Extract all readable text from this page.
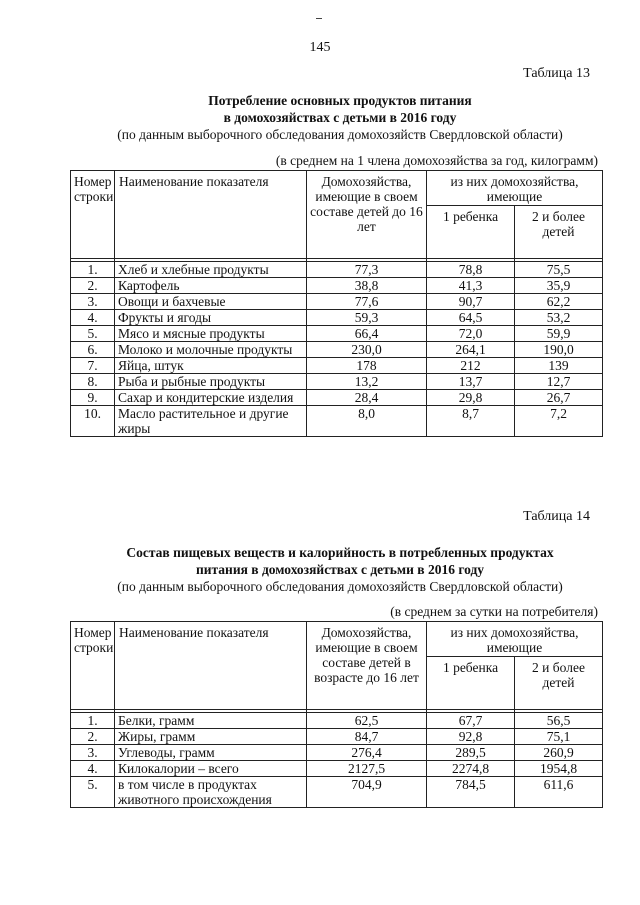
145
Таблица 13
Потребление основных продуктов питания
в домохозяйствах с детьми в 2016 году
(по данным выборочного обследования домохозяйств Свердловской области)
(в среднем на 1 члена домохозяйства за год, килограмм)
Номер строки	Наименование показателя	Домохозяйства, имеющие в своем составе детей до 16 лет	из них домохозяйства, имеющие	
			1 ребенка	2 и более детей

1.	Хлеб и хлебные продукты	77,3	78,8	75,5
2.	Картофель	38,8	41,3	35,9
3.	Овощи и бахчевые	77,6	90,7	62,2
4.	Фрукты и ягоды	59,3	64,5	53,2
5.	Мясо и мясные продукты	66,4	72,0	59,9
6.	Молоко и молочные продукты	230,0	264,1	190,0
7.	Яйца, штук	178	212	139
8.	Рыба и рыбные продукты	13,2	13,7	12,7
9.	Сахар и кондитерские изделия	28,4	29,8	26,7
10.	Масло растительное и другие жиры	8,0	8,7	7,2
Таблица 14
Состав пищевых веществ и калорийность в потребленных продуктах
питания в домохозяйствах с детьми в 2016 году
(по данным выборочного обследования домохозяйств Свердловской области)
(в среднем за сутки на потребителя)
Номер строки	Наименование показателя	Домохозяйства, имеющие в своем составе детей в возрасте до 16 лет	из них домохозяйства, имеющие	
			1 ребенка	2 и более детей

1.	Белки, грамм	62,5	67,7	56,5
2.	Жиры, грамм	84,7	92,8	75,1
3.	Углеводы, грамм	276,4	289,5	260,9
4.	Килокалории – всего	2127,5	2274,8	1954,8
5.	в том числе в продуктах животного происхождения	704,9	784,5	611,6
